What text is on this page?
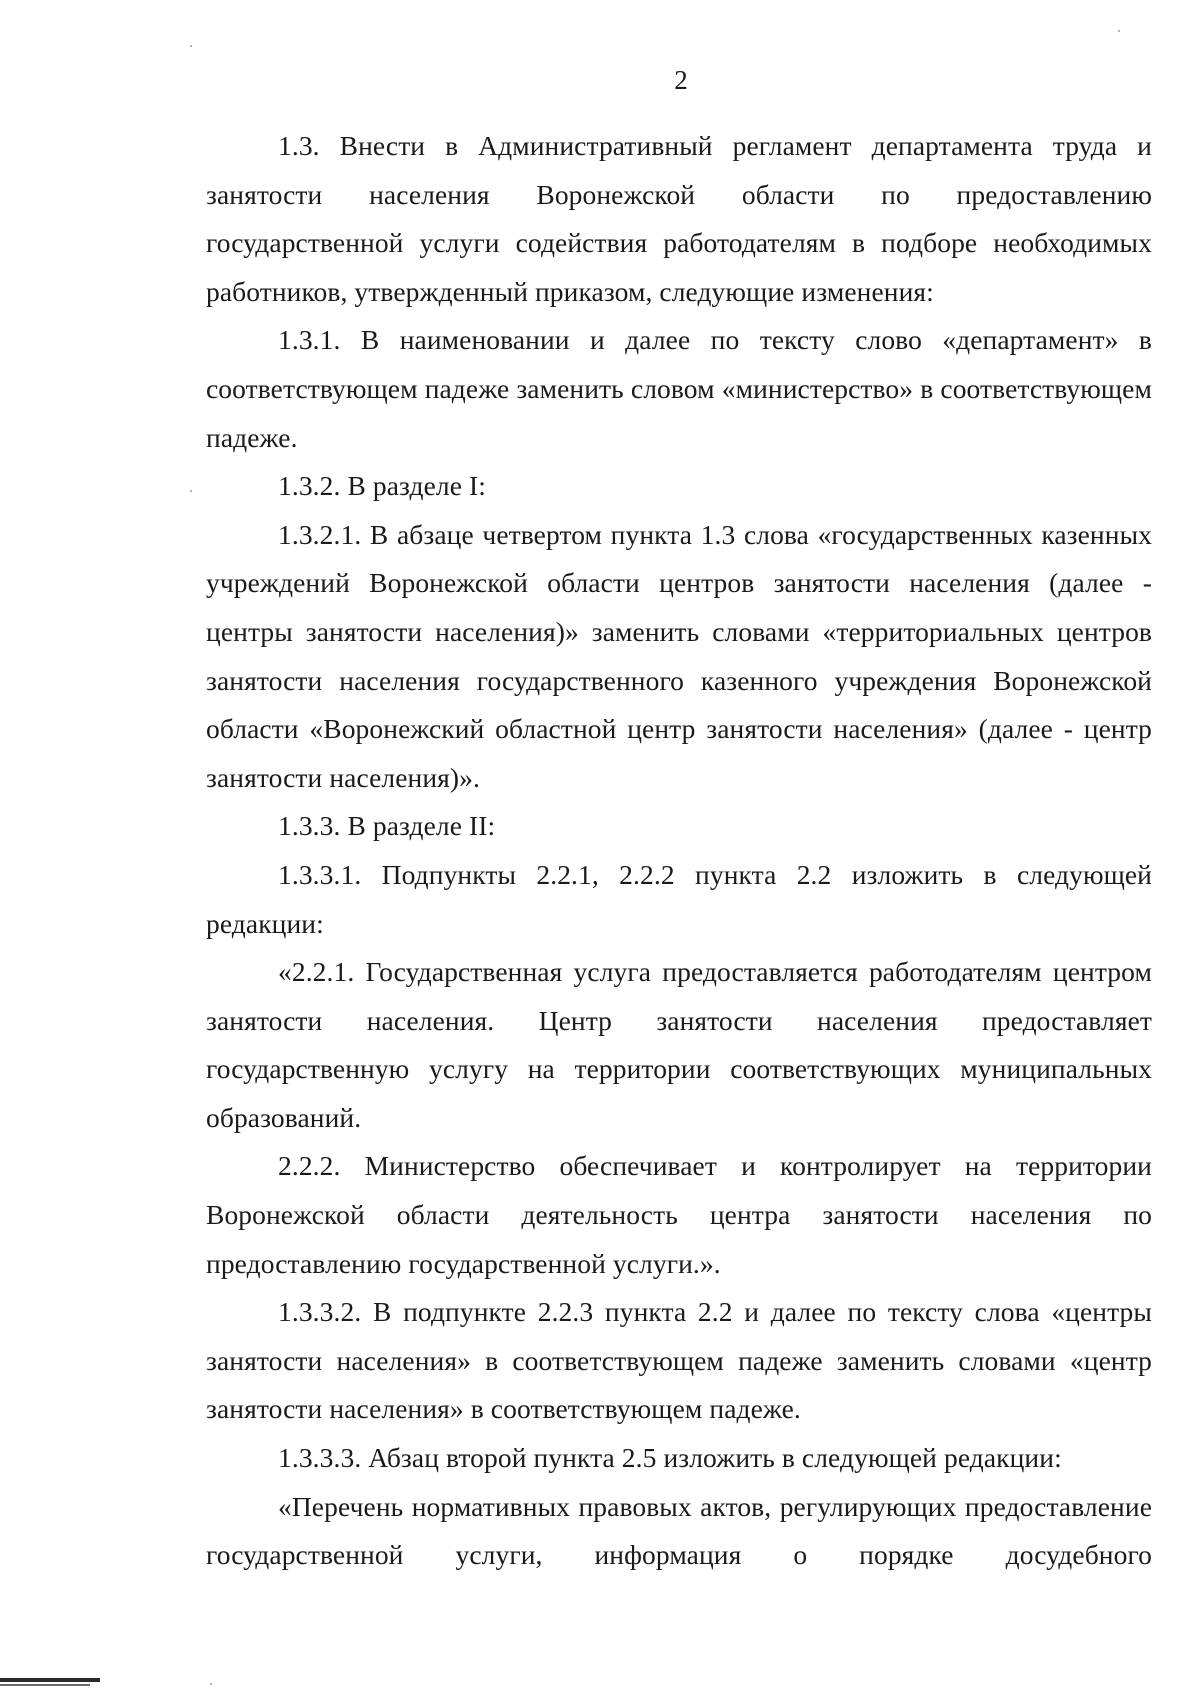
2

1.3. Внести в Административный регламент департамента труда и занятости населения Воронежской области по предоставлению государственной услуги содействия работодателям в подборе необходимых работников, утвержденный приказом, следующие изменения:

1.3.1. В наименовании и далее по тексту слово «департамент» в соответствующем падеже заменить словом «министерство» в соответствующем падеже.

1.3.2. В разделе I:

1.3.2.1. В абзаце четвертом пункта 1.3 слова «государственных казенных учреждений Воронежской области центров занятости населения (далее - центры занятости населения)» заменить словами «территориальных центров занятости населения государственного казенного учреждения Воронежской области «Воронежский областной центр занятости населения» (далее - центр занятости населения)».

1.3.3. В разделе II:

1.3.3.1. Подпункты 2.2.1, 2.2.2 пункта 2.2 изложить в следующей редакции:

«2.2.1. Государственная услуга предоставляется работодателям центром занятости населения. Центр занятости населения предоставляет государственную услугу на территории соответствующих муниципальных образований.

2.2.2. Министерство обеспечивает и контролирует на территории Воронежской области деятельность центра занятости населения по предоставлению государственной услуги.».

1.3.3.2. В подпункте 2.2.3 пункта 2.2 и далее по тексту слова «центры занятости населения» в соответствующем падеже заменить словами «центр занятости населения» в соответствующем падеже.

1.3.3.3. Абзац второй пункта 2.5 изложить в следующей редакции:

«Перечень нормативных правовых актов, регулирующих предоставление государственной услуги, информация о порядке досудебного
